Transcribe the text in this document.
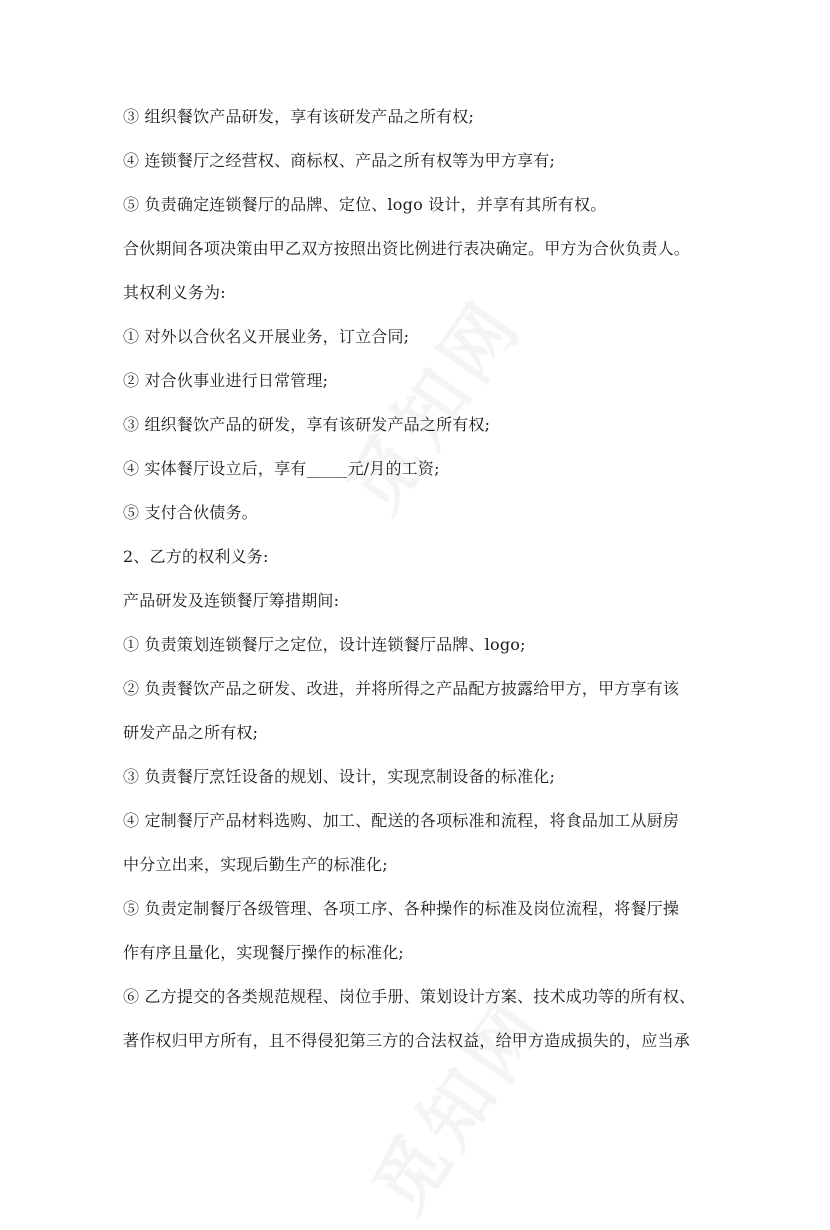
③ 组织餐饮产品研发，享有该研发产品之所有权;
④ 连锁餐厅之经营权、商标权、产品之所有权等为甲方享有;
⑤ 负责确定连锁餐厅的品牌、定位、logo 设计，并享有其所有权。
合伙期间各项决策由甲乙双方按照出资比例进行表决确定。甲方为合伙负责人。
其权利义务为:
① 对外以合伙名义开展业务，订立合同;
② 对合伙事业进行日常管理;
③ 组织餐饮产品的研发，享有该研发产品之所有权;
④ 实体餐厅设立后，享有_____元/月的工资;
⑤ 支付合伙债务。
2、乙方的权利义务:
产品研发及连锁餐厅筹措期间:
① 负责策划连锁餐厅之定位，设计连锁餐厅品牌、logo;
② 负责餐饮产品之研发、改进，并将所得之产品配方披露给甲方，甲方享有该
研发产品之所有权;
③ 负责餐厅烹饪设备的规划、设计，实现烹制设备的标准化;
④ 定制餐厅产品材料选购、加工、配送的各项标准和流程，将食品加工从厨房
中分立出来，实现后勤生产的标准化;
⑤ 负责定制餐厅各级管理、各项工序、各种操作的标准及岗位流程，将餐厅操
作有序且量化，实现餐厅操作的标准化;
⑥ 乙方提交的各类规范规程、岗位手册、策划设计方案、技术成功等的所有权、
著作权归甲方所有，且不得侵犯第三方的合法权益，给甲方造成损失的，应当承
